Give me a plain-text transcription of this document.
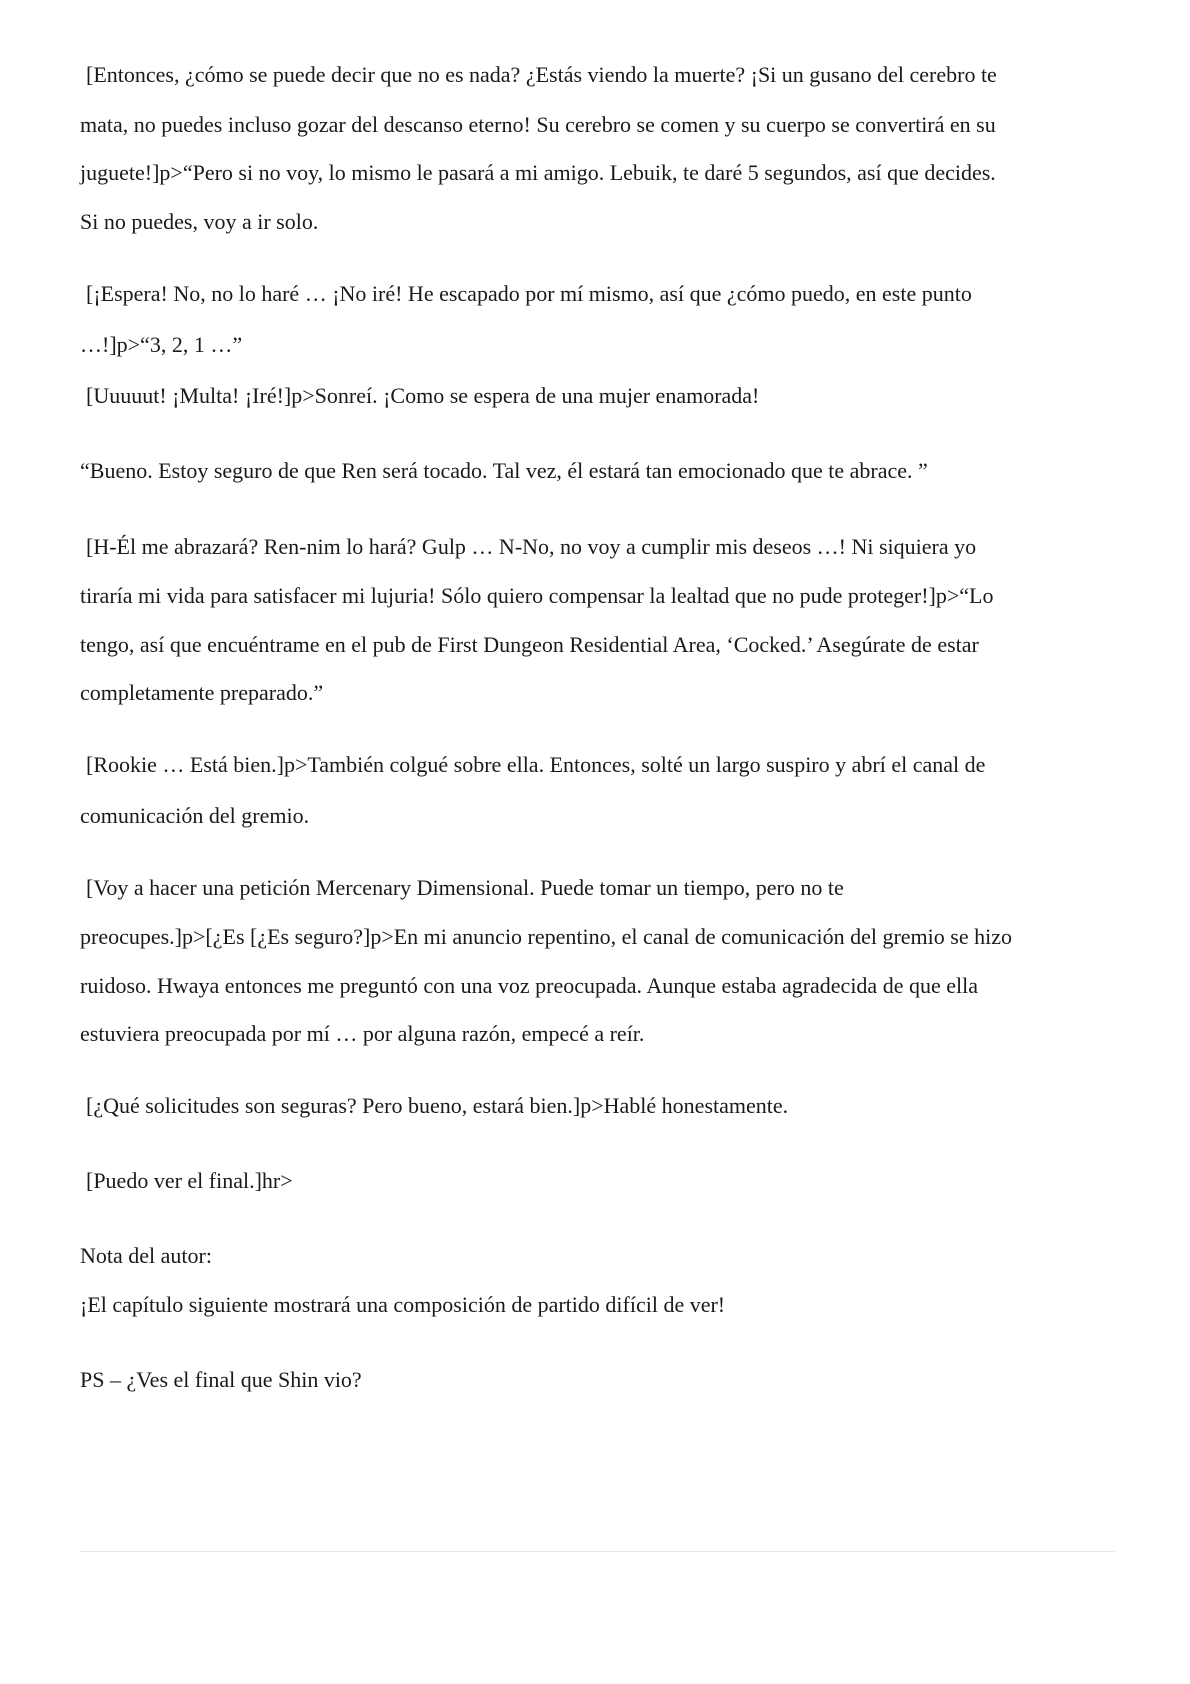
[Entonces, ¿cómo se puede decir que no es nada? ¿Estás viendo la muerte? ¡Si un gusano del cerebro te
mata, no puedes incluso gozar del descanso eterno! Su cerebro se comen y su cuerpo se convertirá en su
juguete!]p>“Pero si no voy, lo mismo le pasará a mi amigo. Lebuik, te daré 5 segundos, así que decides.
Si no puedes, voy a ir solo.
[¡Espera! No, no lo haré … ¡No iré! He escapado por mí mismo, así que ¿cómo puedo, en este punto
…!]p>“3, 2, 1 …”
[Uuuuut! ¡Multa! ¡Iré!]p>Sonreí. ¡Como se espera de una mujer enamorada!
“Bueno. Estoy seguro de que Ren será tocado. Tal vez, él estará tan emocionado que te abrace. ”
[H-Él me abrazará? Ren-nim lo hará? Gulp … N-No, no voy a cumplir mis deseos …! Ni siquiera yo
tiraría mi vida para satisfacer mi lujuria! Sólo quiero compensar la lealtad que no pude proteger!]p>“Lo
tengo, así que encuéntrame en el pub de First Dungeon Residential Area, ‘Cocked.’ Asegúrate de estar
completamente preparado.”
[Rookie … Está bien.]p>También colgué sobre ella. Entonces, solté un largo suspiro y abrí el canal de
comunicación del gremio.
[Voy a hacer una petición Mercenary Dimensional. Puede tomar un tiempo, pero no te
preocupes.]p>[¿Es [¿Es seguro?]p>En mi anuncio repentino, el canal de comunicación del gremio se hizo
ruidoso. Hwaya entonces me preguntó con una voz preocupada. Aunque estaba agradecida de que ella
estuviera preocupada por mí … por alguna razón, empecé a reír.
[¿Qué solicitudes son seguras? Pero bueno, estará bien.]p>Hablé honestamente.
[Puedo ver el final.]hr>
Nota del autor:
¡El capítulo siguiente mostrará una composición de partido difícil de ver!
PS – ¿Ves el final que Shin vio?
